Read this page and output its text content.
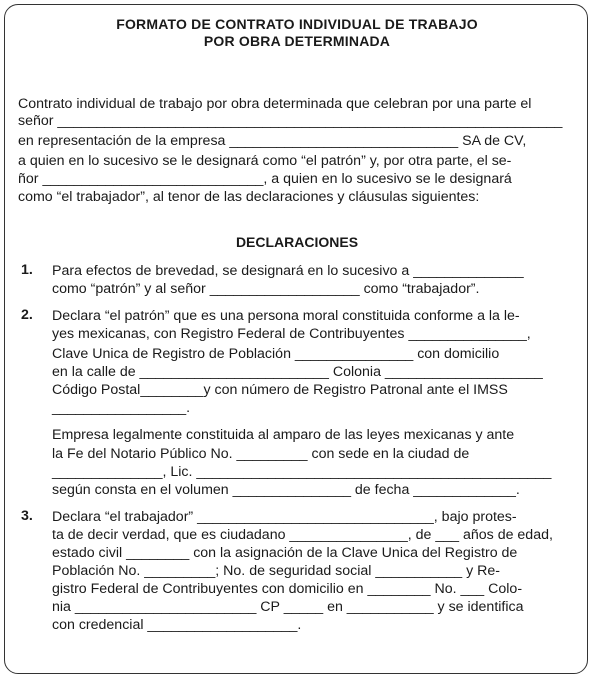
FORMATO DE CONTRATO INDIVIDUAL DE TRABAJO
POR OBRA DETERMINADA
Contrato individual de trabajo por obra determinada que celebran por una parte el
señor ________________________________________________________________
en representación de la empresa _____________________________ SA de CV,
a quien en lo sucesivo se le designará como “el patrón” y, por otra parte, el se-
ñor ____________________________, a quien en lo sucesivo se le designará
como “el trabajador”, al tenor de las declaraciones y cláusulas siguientes:
DECLARACIONES
1. Para efectos de brevedad, se designará en lo sucesivo a ______________
como “patrón” y al señor ___________________ como “trabajador”.
2. Declara “el patrón” que es una persona moral constituida conforme a la le-
yes mexicanas, con Registro Federal de Contribuyentes _______________,
Clave Unica de Registro de Población _______________ con domicilio
en la calle de ________________________ Colonia ____________________
Código Postal________y con número de Registro Patronal ante el IMSS
_________________.
Empresa legalmente constituida al amparo de las leyes mexicanas y ante
la Fe del Notario Público No. _________ con sede en la ciudad de
______________, Lic. _____________________________________________
según consta en el volumen _______________ de fecha _____________.
3. Declara “el trabajador” ______________________________, bajo protes-
ta de decir verdad, que es ciudadano _______________, de ___ años de edad,
estado civil ________ con la asignación de la Clave Unica del Registro de
Población No. _________; No. de seguridad social ___________ y Re-
gistro Federal de Contribuyentes con domicilio en ________ No. ___ Colo-
nia _______________________ CP _____ en ___________ y se identifica
con credencial ___________________.
